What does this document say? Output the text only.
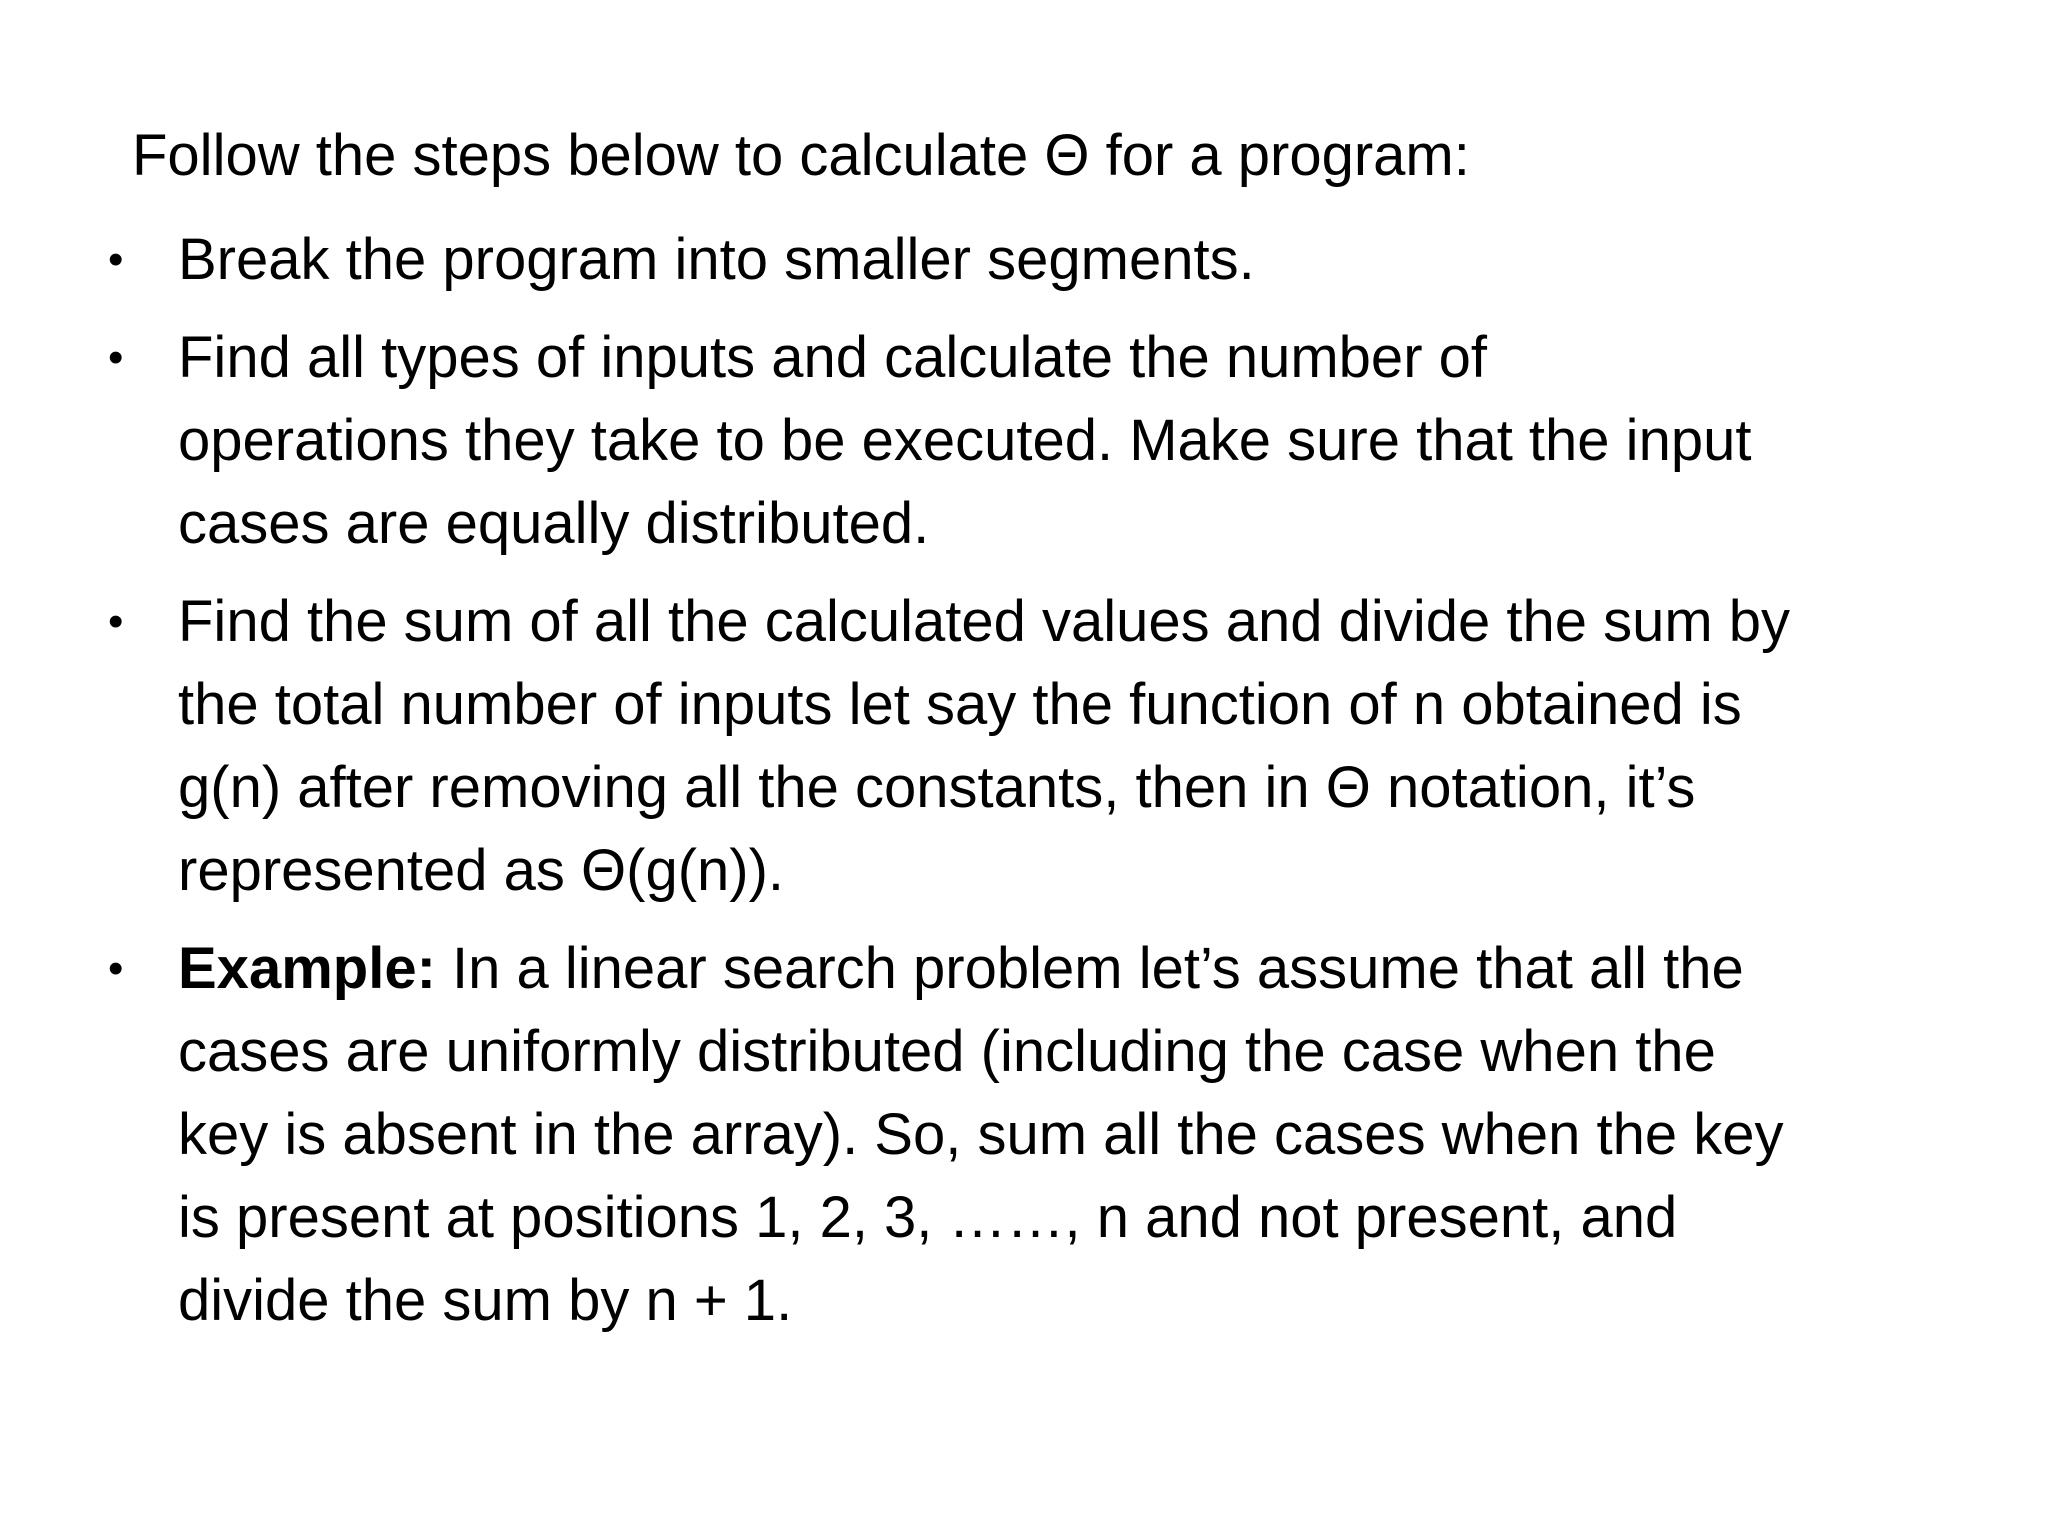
Follow the steps below to calculate Θ for a program:
• Break the program into smaller segments.
• Find all types of inputs and calculate the number of
operations they take to be executed. Make sure that the input
cases are equally distributed.
• Find the sum of all the calculated values and divide the sum by
the total number of inputs let say the function of n obtained is
g(n) after removing all the constants, then in Θ notation, it’s
represented as Θ(g(n)).
• Example: In a linear search problem let’s assume that all the
cases are uniformly distributed (including the case when the
key is absent in the array). So, sum all the cases when the key
is present at positions 1, 2, 3, ……, n and not present, and
divide the sum by n + 1.
